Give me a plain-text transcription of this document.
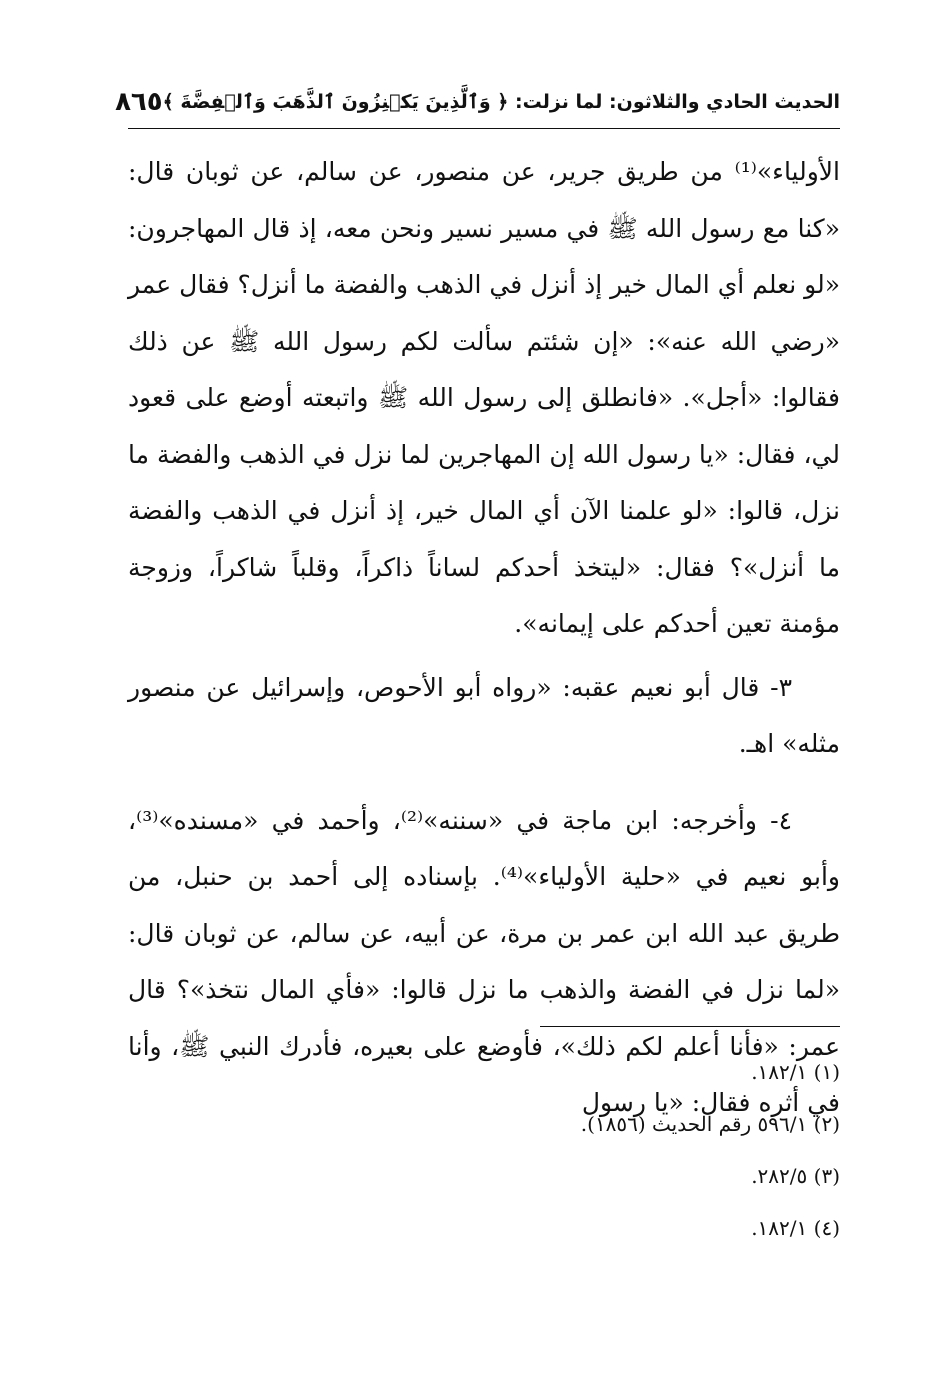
الحديث الحادي والثلاثون: لما نزلت: ﴿ وَٱلَّذِينَ يَكۡنِزُونَ ٱلذَّهَبَ وَٱلۡفِضَّةَ ﴾
٨٦٥

الأولياء»⁽¹⁾ من طريق جرير، عن منصور، عن سالم، عن ثوبان قال: «كنا مع رسول الله ﷺ في مسير نسير ونحن معه، إذ قال المهاجرون: «لو نعلم أي المال خير إذ أنزل في الذهب والفضة ما أنزل؟ فقال عمر «رضي الله عنه»: «إن شئتم سألت لكم رسول الله ﷺ عن ذلك فقالوا: «أجل». «فانطلق إلى رسول الله ﷺ واتبعته أوضع على قعود لي، فقال: «يا رسول الله إن المهاجرين لما نزل في الذهب والفضة ما نزل، قالوا: «لو علمنا الآن أي المال خير، إذ أنزل في الذهب والفضة ما أنزل»؟ فقال: «ليتخذ أحدكم لساناً ذاكراً، وقلباً شاكراً، وزوجة مؤمنة تعين أحدكم على إيمانه».

٣- قال أبو نعيم عقبه: «رواه أبو الأحوص، وإسرائيل عن منصور مثله» اهـ.

٤- وأخرجه: ابن ماجة في «سننه»⁽²⁾، وأحمد في «مسنده»⁽³⁾، وأبو نعيم في «حلية الأولياء»⁽⁴⁾. بإسناده إلى أحمد بن حنبل، من طريق عبد الله ابن عمر بن مرة، عن أبيه، عن سالم، عن ثوبان قال: «لما نزل في الفضة والذهب ما نزل قالوا: «فأي المال نتخذ»؟ قال عمر: «فأنا أعلم لكم ذلك»، فأوضع على بعيره، فأدرك النبي ﷺ، وأنا في أثره فقال: «يا رسول

(١) ١٨٢/١.
(٢) ٥٩٦/١ رقم الحديث (١٨٥٦).
(٣) ٢٨٢/٥.
(٤) ١٨٢/١.
